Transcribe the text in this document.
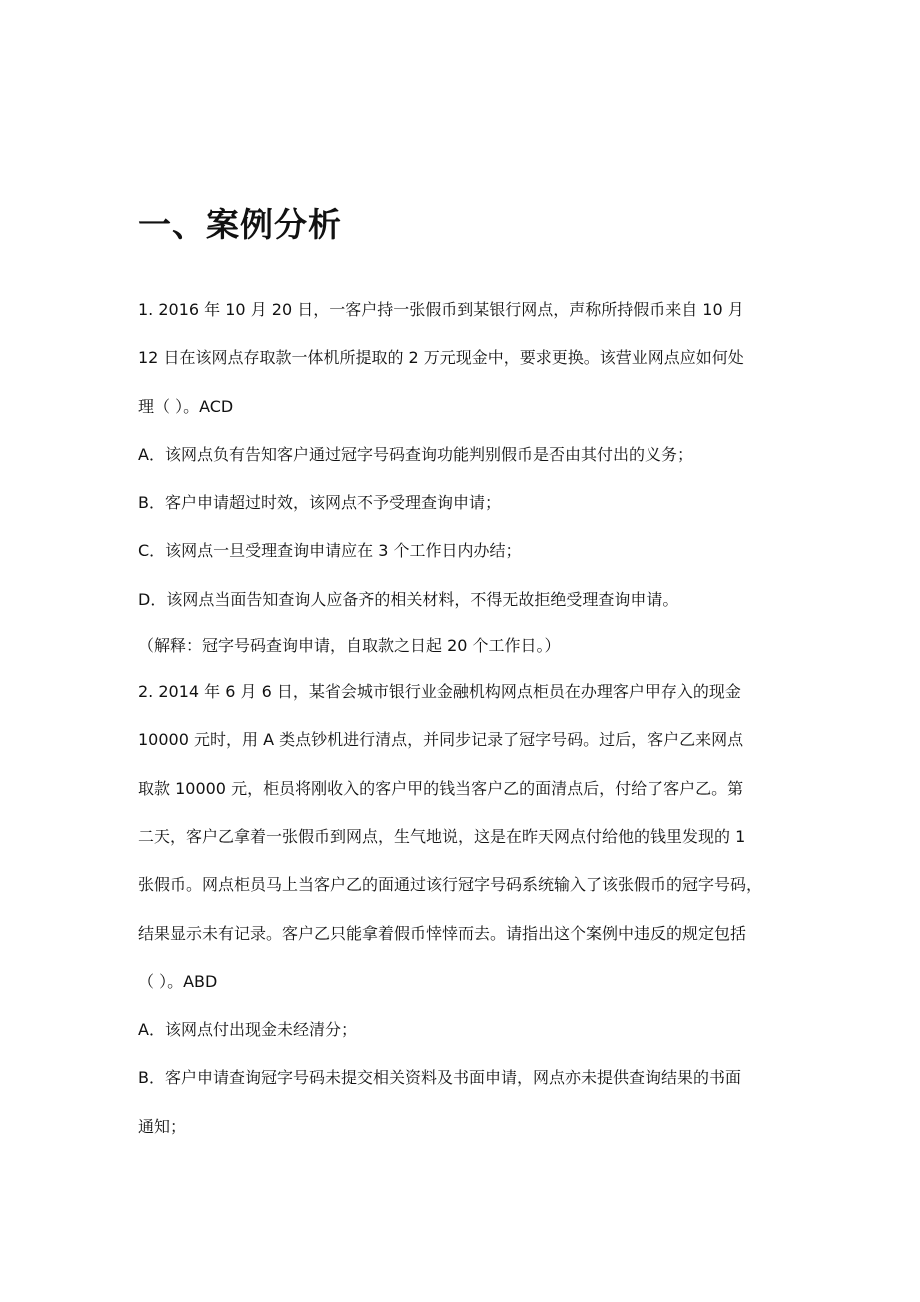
一、案例分析
1. 2016 年 10 月 20 日，一客户持一张假币到某银行网点，声称所持假币来自 10 月
12 日在该网点存取款一体机所提取的 2 万元现金中，要求更换。该营业网点应如何处
理（ ）。ACD
A．该网点负有告知客户通过冠字号码查询功能判别假币是否由其付出的义务；
B．客户申请超过时效，该网点不予受理查询申请；
C．该网点一旦受理查询申请应在 3 个工作日内办结；
D．该网点当面告知查询人应备齐的相关材料，不得无故拒绝受理查询申请。
（解释：冠字号码查询申请，自取款之日起 20 个工作日。）
2. 2014 年 6 月 6 日，某省会城市银行业金融机构网点柜员在办理客户甲存入的现金
10000 元时，用 A 类点钞机进行清点，并同步记录了冠字号码。过后，客户乙来网点
取款 10000 元，柜员将刚收入的客户甲的钱当客户乙的面清点后，付给了客户乙。第
二天，客户乙拿着一张假币到网点，生气地说，这是在昨天网点付给他的钱里发现的 1
张假币。网点柜员马上当客户乙的面通过该行冠字号码系统输入了该张假币的冠字号码，
结果显示未有记录。客户乙只能拿着假币悻悻而去。请指出这个案例中违反的规定包括
（ ）。ABD
A．该网点付出现金未经清分；
B．客户申请查询冠字号码未提交相关资料及书面申请，网点亦未提供查询结果的书面
通知；
